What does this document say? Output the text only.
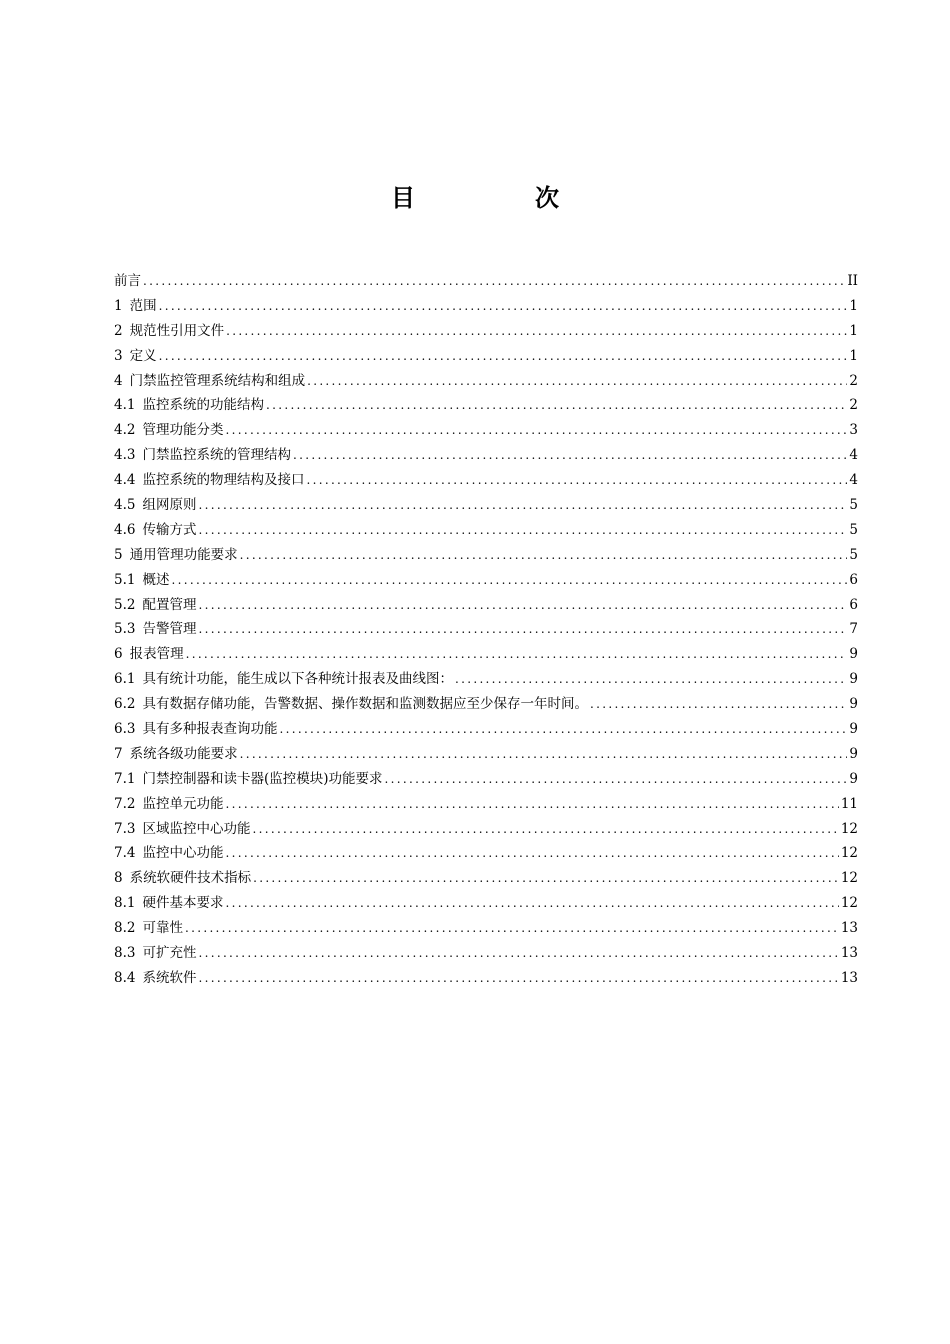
目　次
前言 .....	II
1 范围 .....	1
2 规范性引用文件 .....	1
3 定义 .....	1
4 门禁监控管理系统结构和组成 .....	2
4.1 监控系统的功能结构 .....	2
4.2 管理功能分类 .....	3
4.3 门禁监控系统的管理结构 .....	4
4.4 监控系统的物理结构及接口 .....	4
4.5 组网原则 .....	5
4.6 传输方式 .....	5
5 通用管理功能要求 .....	5
5.1 概述 .....	6
5.2 配置管理 .....	6
5.3 告警管理 .....	7
6 报表管理 .....	9
6.1 具有统计功能，能生成以下各种统计报表及曲线图： .....	9
6.2 具有数据存储功能，告警数据、操作数据和监测数据应至少保存一年时间。 .....	9
6.3 具有多种报表查询功能 .....	9
7 系统各级功能要求 .....	9
7.1 门禁控制器和读卡器(监控模块)功能要求 .....	9
7.2 监控单元功能 .....	11
7.3 区域监控中心功能 .....	12
7.4 监控中心功能 .....	12
8 系统软硬件技术指标 .....	12
8.1 硬件基本要求 .....	12
8.2 可靠性 .....	13
8.3 可扩充性 .....	13
8.4 系统软件 .....	13
